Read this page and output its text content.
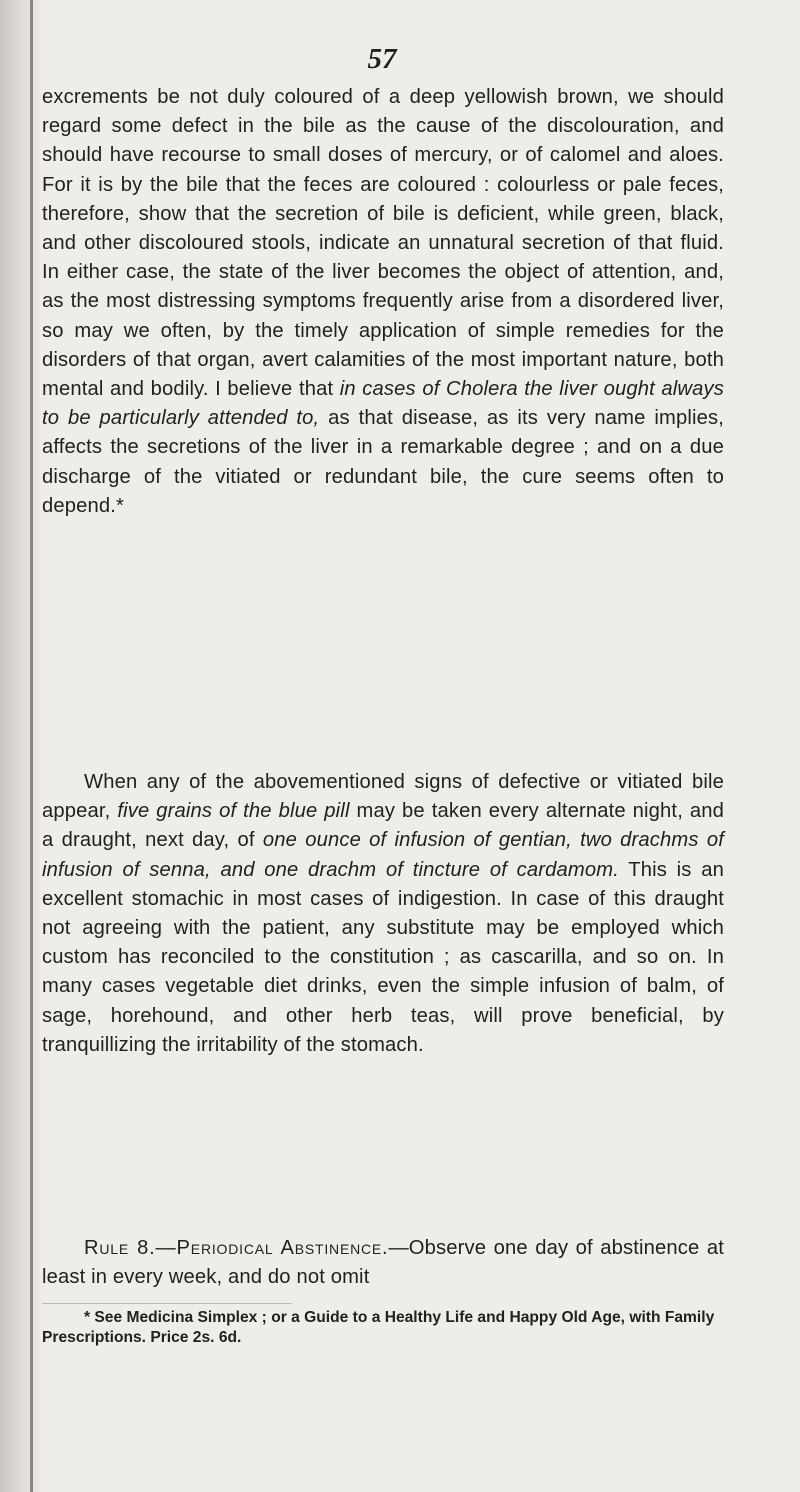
57

excrements be not duly coloured of a deep yellowish brown, we should regard some defect in the bile as the cause of the discolouration, and should have recourse to small doses of mercury, or of calomel and aloes. For it is by the bile that the feces are coloured : colourless or pale feces, therefore, show that the secretion of bile is deficient, while green, black, and other discoloured stools, indicate an unnatural secretion of that fluid. In either case, the state of the liver becomes the object of attention, and, as the most distressing symptoms frequently arise from a disordered liver, so may we often, by the timely application of simple remedies for the disorders of that organ, avert calamities of the most important nature, both mental and bodily. I believe that in cases of Cholera the liver ought always to be particularly attended to, as that disease, as its very name implies, affects the secretions of the liver in a remarkable degree ; and on a due discharge of the vitiated or redundant bile, the cure seems often to depend.*

When any of the abovementioned signs of defective or vitiated bile appear, five grains of the blue pill may be taken every alternate night, and a draught, next day, of one ounce of infusion of gentian, two drachms of infusion of senna, and one drachm of tincture of cardamom. This is an excellent stomachic in most cases of indigestion. In case of this draught not agreeing with the patient, any substitute may be employed which custom has reconciled to the constitution ; as cascarilla, and so on. In many cases vegetable diet drinks, even the simple infusion of balm, of sage, horehound, and other herb teas, will prove beneficial, by tranquillizing the irritability of the stomach.

Rule 8.—Periodical Abstinence.—Observe one day of abstinence at least in every week, and do not omit

* See Medicina Simplex ; or a Guide to a Healthy Life and Happy Old Age, with Family Prescriptions. Price 2s. 6d.
